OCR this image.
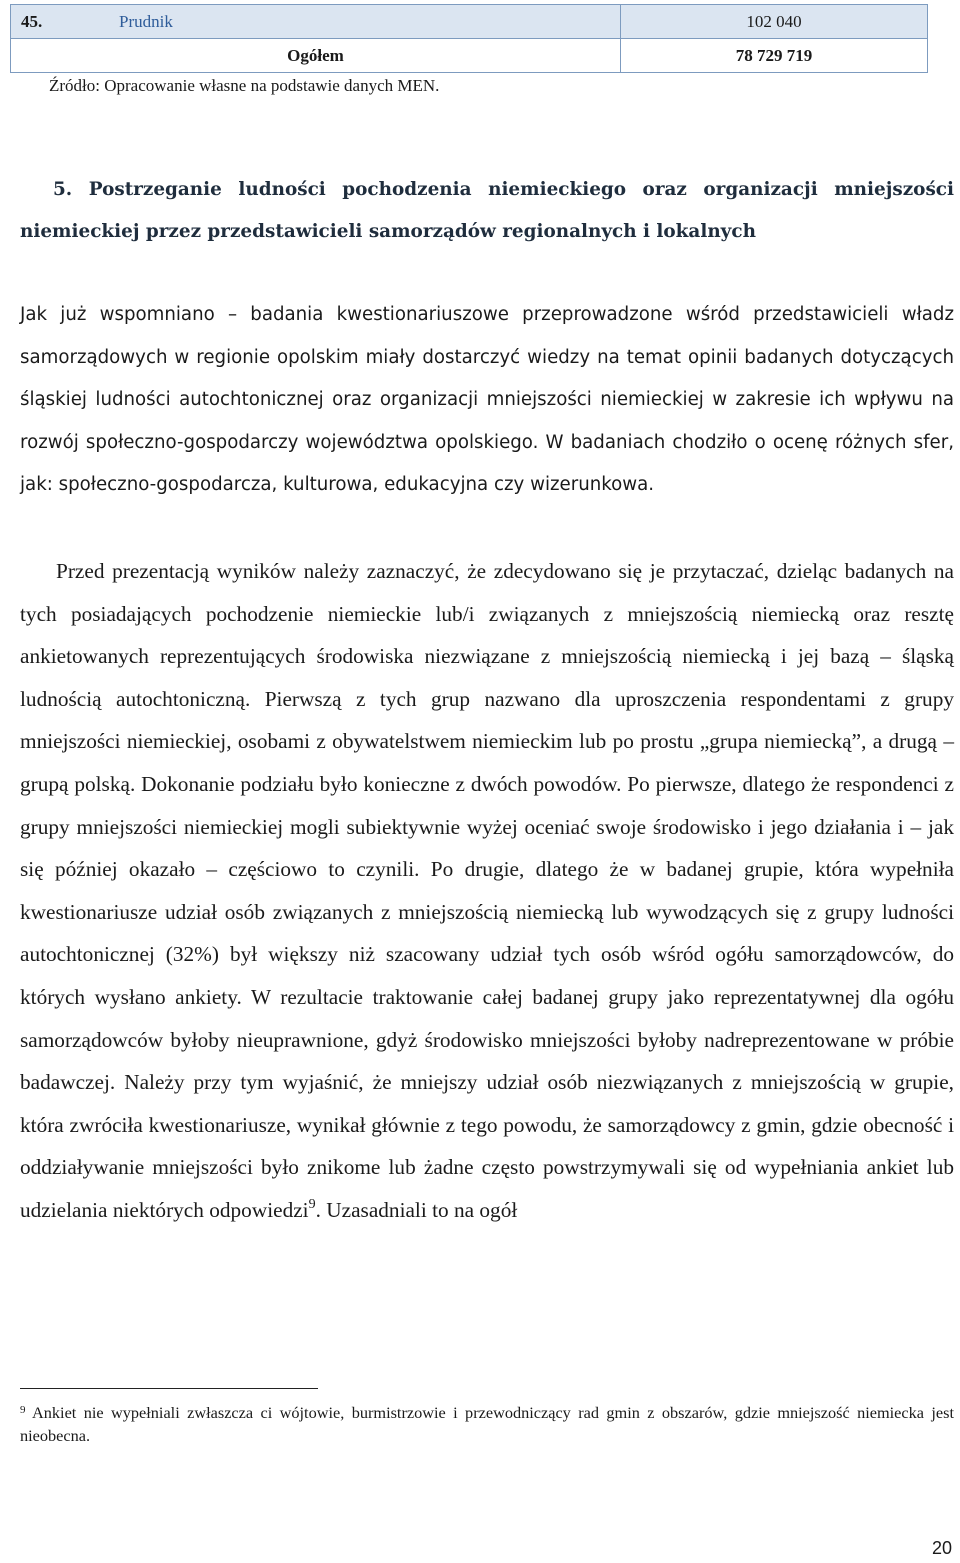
45. Prudnik	102 040
Ogółem	78 729 719
Źródło: Opracowanie własne na podstawie danych MEN.
5. Postrzeganie ludności pochodzenia niemieckiego oraz organizacji mniejszości niemieckiej przez przedstawicieli samorządów regionalnych i lokalnych

Jak już wspomniano – badania kwestionariuszowe przeprowadzone wśród przedstawicieli władz samorządowych w regionie opolskim miały dostarczyć wiedzy na temat opinii badanych dotyczących śląskiej ludności autochtonicznej oraz organizacji mniejszości niemieckiej w zakresie ich wpływu na rozwój społeczno-gospodarczy województwa opolskiego. W badaniach chodziło o ocenę różnych sfer, jak: społeczno-gospodarcza, kulturowa, edukacyjna czy wizerunkowa.

Przed prezentacją wyników należy zaznaczyć, że zdecydowano się je przytaczać, dzieląc badanych na tych posiadających pochodzenie niemieckie lub/i związanych z mniejszością niemiecką oraz resztę ankietowanych reprezentujących środowiska niezwiązane z mniejszością niemiecką i jej bazą – śląską ludnością autochtoniczną. Pierwszą z tych grup nazwano dla uproszczenia respondentami z grupy mniejszości niemieckiej, osobami z obywatelstwem niemieckim lub po prostu „grupa niemiecką”, a drugą – grupą polską. Dokonanie podziału było konieczne z dwóch powodów. Po pierwsze, dlatego że respondenci z grupy mniejszości niemieckiej mogli subiektywnie wyżej oceniać swoje środowisko i jego działania i – jak się później okazało – częściowo to czynili. Po drugie, dlatego że w badanej grupie, która wypełniła kwestionariusze udział osób związanych z mniejszością niemiecką lub wywodzących się z grupy ludności autochtonicznej (32%) był większy niż szacowany udział tych osób wśród ogółu samorządowców, do których wysłano ankiety. W rezultacie traktowanie całej badanej grupy jako reprezentatywnej dla ogółu samorządowców byłoby nieuprawnione, gdyż środowisko mniejszości byłoby nadreprezentowane w próbie badawczej. Należy przy tym wyjaśnić, że mniejszy udział osób niezwiązanych z mniejszością w grupie, która zwróciła kwestionariusze, wynikał głównie z tego powodu, że samorządowcy z gmin, gdzie obecność i oddziaływanie mniejszości było znikome lub żadne często powstrzymywali się od wypełniania ankiet lub udzielania niektórych odpowiedzi$^9$. Uzasadniali to na ogół

$^9$ Ankiet nie wypełniali zwłaszcza ci wójtowie, burmistrzowie i przewodniczący rad gmin z obszarów, gdzie mniejszość niemiecka jest nieobecna.

20
